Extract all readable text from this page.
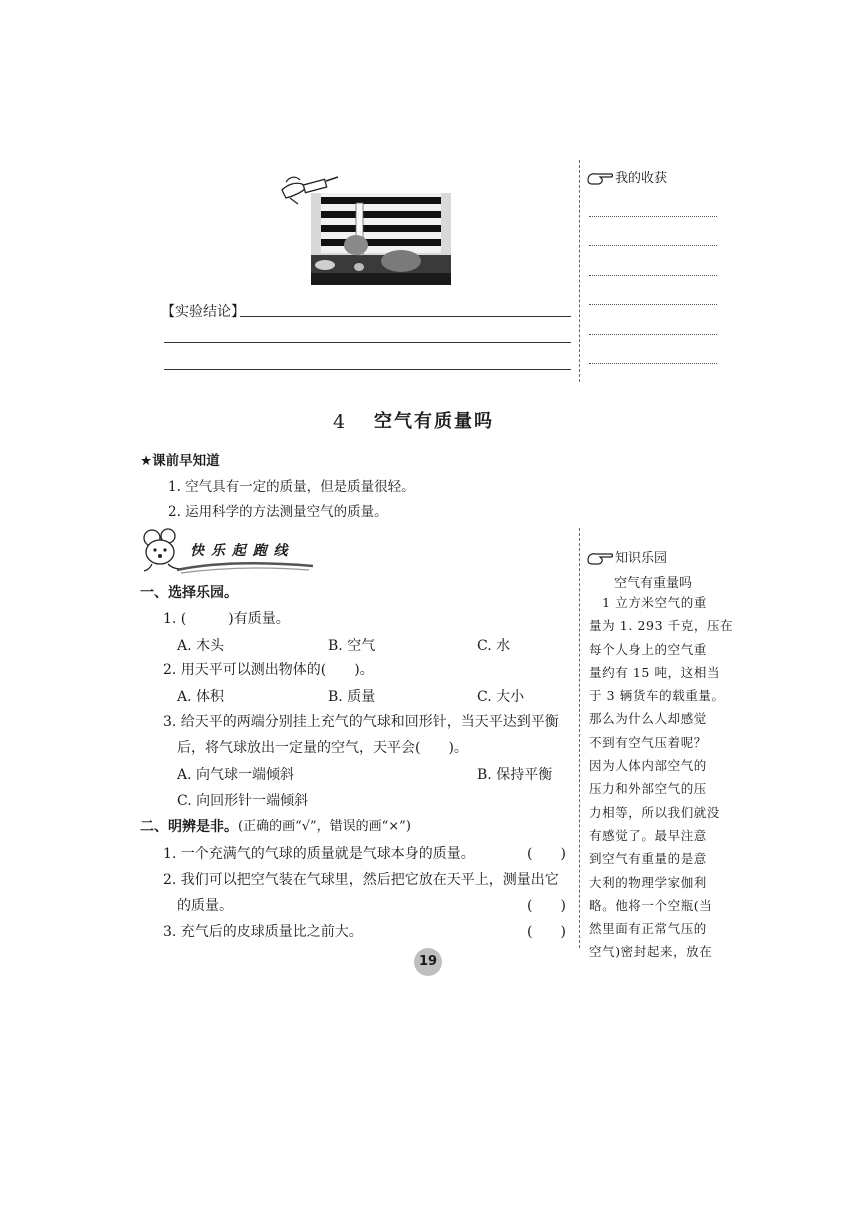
【实验结论】
我的收获
4 空气有质量吗
★课前早知道
1. 空气具有一定的质量，但是质量很轻。
2. 运用科学的方法测量空气的质量。
快 乐 起 跑 线
一、选择乐园。
1. (　　　)有质量。
A. 木头	B. 空气	C. 水
2. 用天平可以测出物体的(　　)。
A. 体积	B. 质量	C. 大小
3. 给天平的两端分别挂上充气的气球和回形针，当天平达到平衡
后，将气球放出一定量的空气，天平会(　　)。
A. 向气球一端倾斜	B. 保持平衡
C. 向回形针一端倾斜
二、明辨是非。 (正确的画“√”，错误的画“×”)
1. 一个充满气的气球的质量就是气球本身的质量。	(　　)
2. 我们可以把空气装在气球里，然后把它放在天平上，测量出它
的质量。	(　　)
3. 充气后的皮球质量比之前大。	(　　)
知识乐园
空气有重量吗

　1 立方米空气的重

量为 1. 293 千克，压在

每个人身上的空气重

量约有 15 吨，这相当

于 3 辆货车的载重量。

那么为什么人却感觉

不到有空气压着呢？

因为人体内部空气的

压力和外部空气的压

力相等，所以我们就没

有感觉了。最早注意

到空气有重量的是意

大利的物理学家伽利

略。他将一个空瓶(当

然里面有正常气压的

空气)密封起来，放在

19
